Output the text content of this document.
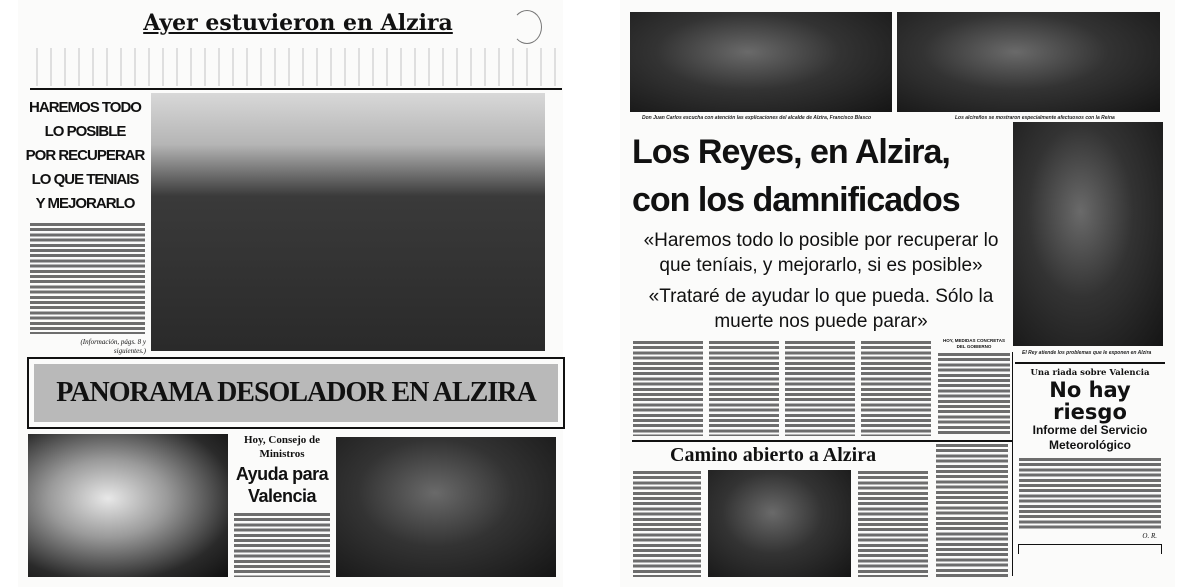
Ayer estuvieron en Alzira
HAREMOS TODO
LO POSIBLE
POR RECUPERAR
LO QUE TENIAIS
Y MEJORARLO
(Información, págs. 8 y siguientes.)
PANORAMA DESOLADOR EN ALZIRA
Hoy, Consejo de Ministros
Ayuda para Valencia
Don Juan Carlos escucha con atención las explicaciones del alcalde de Alzira, Francisco Blasco	Los alcireños se mostraron especialmente afectuosos con la Reina
Los Reyes, en Alzira,
con los damnificados
«Haremos todo lo posible por recuperar lo que teníais, y mejorarlo, si es posible»
«Trataré de ayudar lo que pueda. Sólo la muerte nos puede parar»
El Rey atiende los problemas que le exponen en Alzira
HOY, MEDIDAS CONCRETAS DEL GOBIERNO
Camino abierto a Alzira
Una riada sobre Valencia
No hay riesgo
Informe del Servicio Meteorológico
O. R.
